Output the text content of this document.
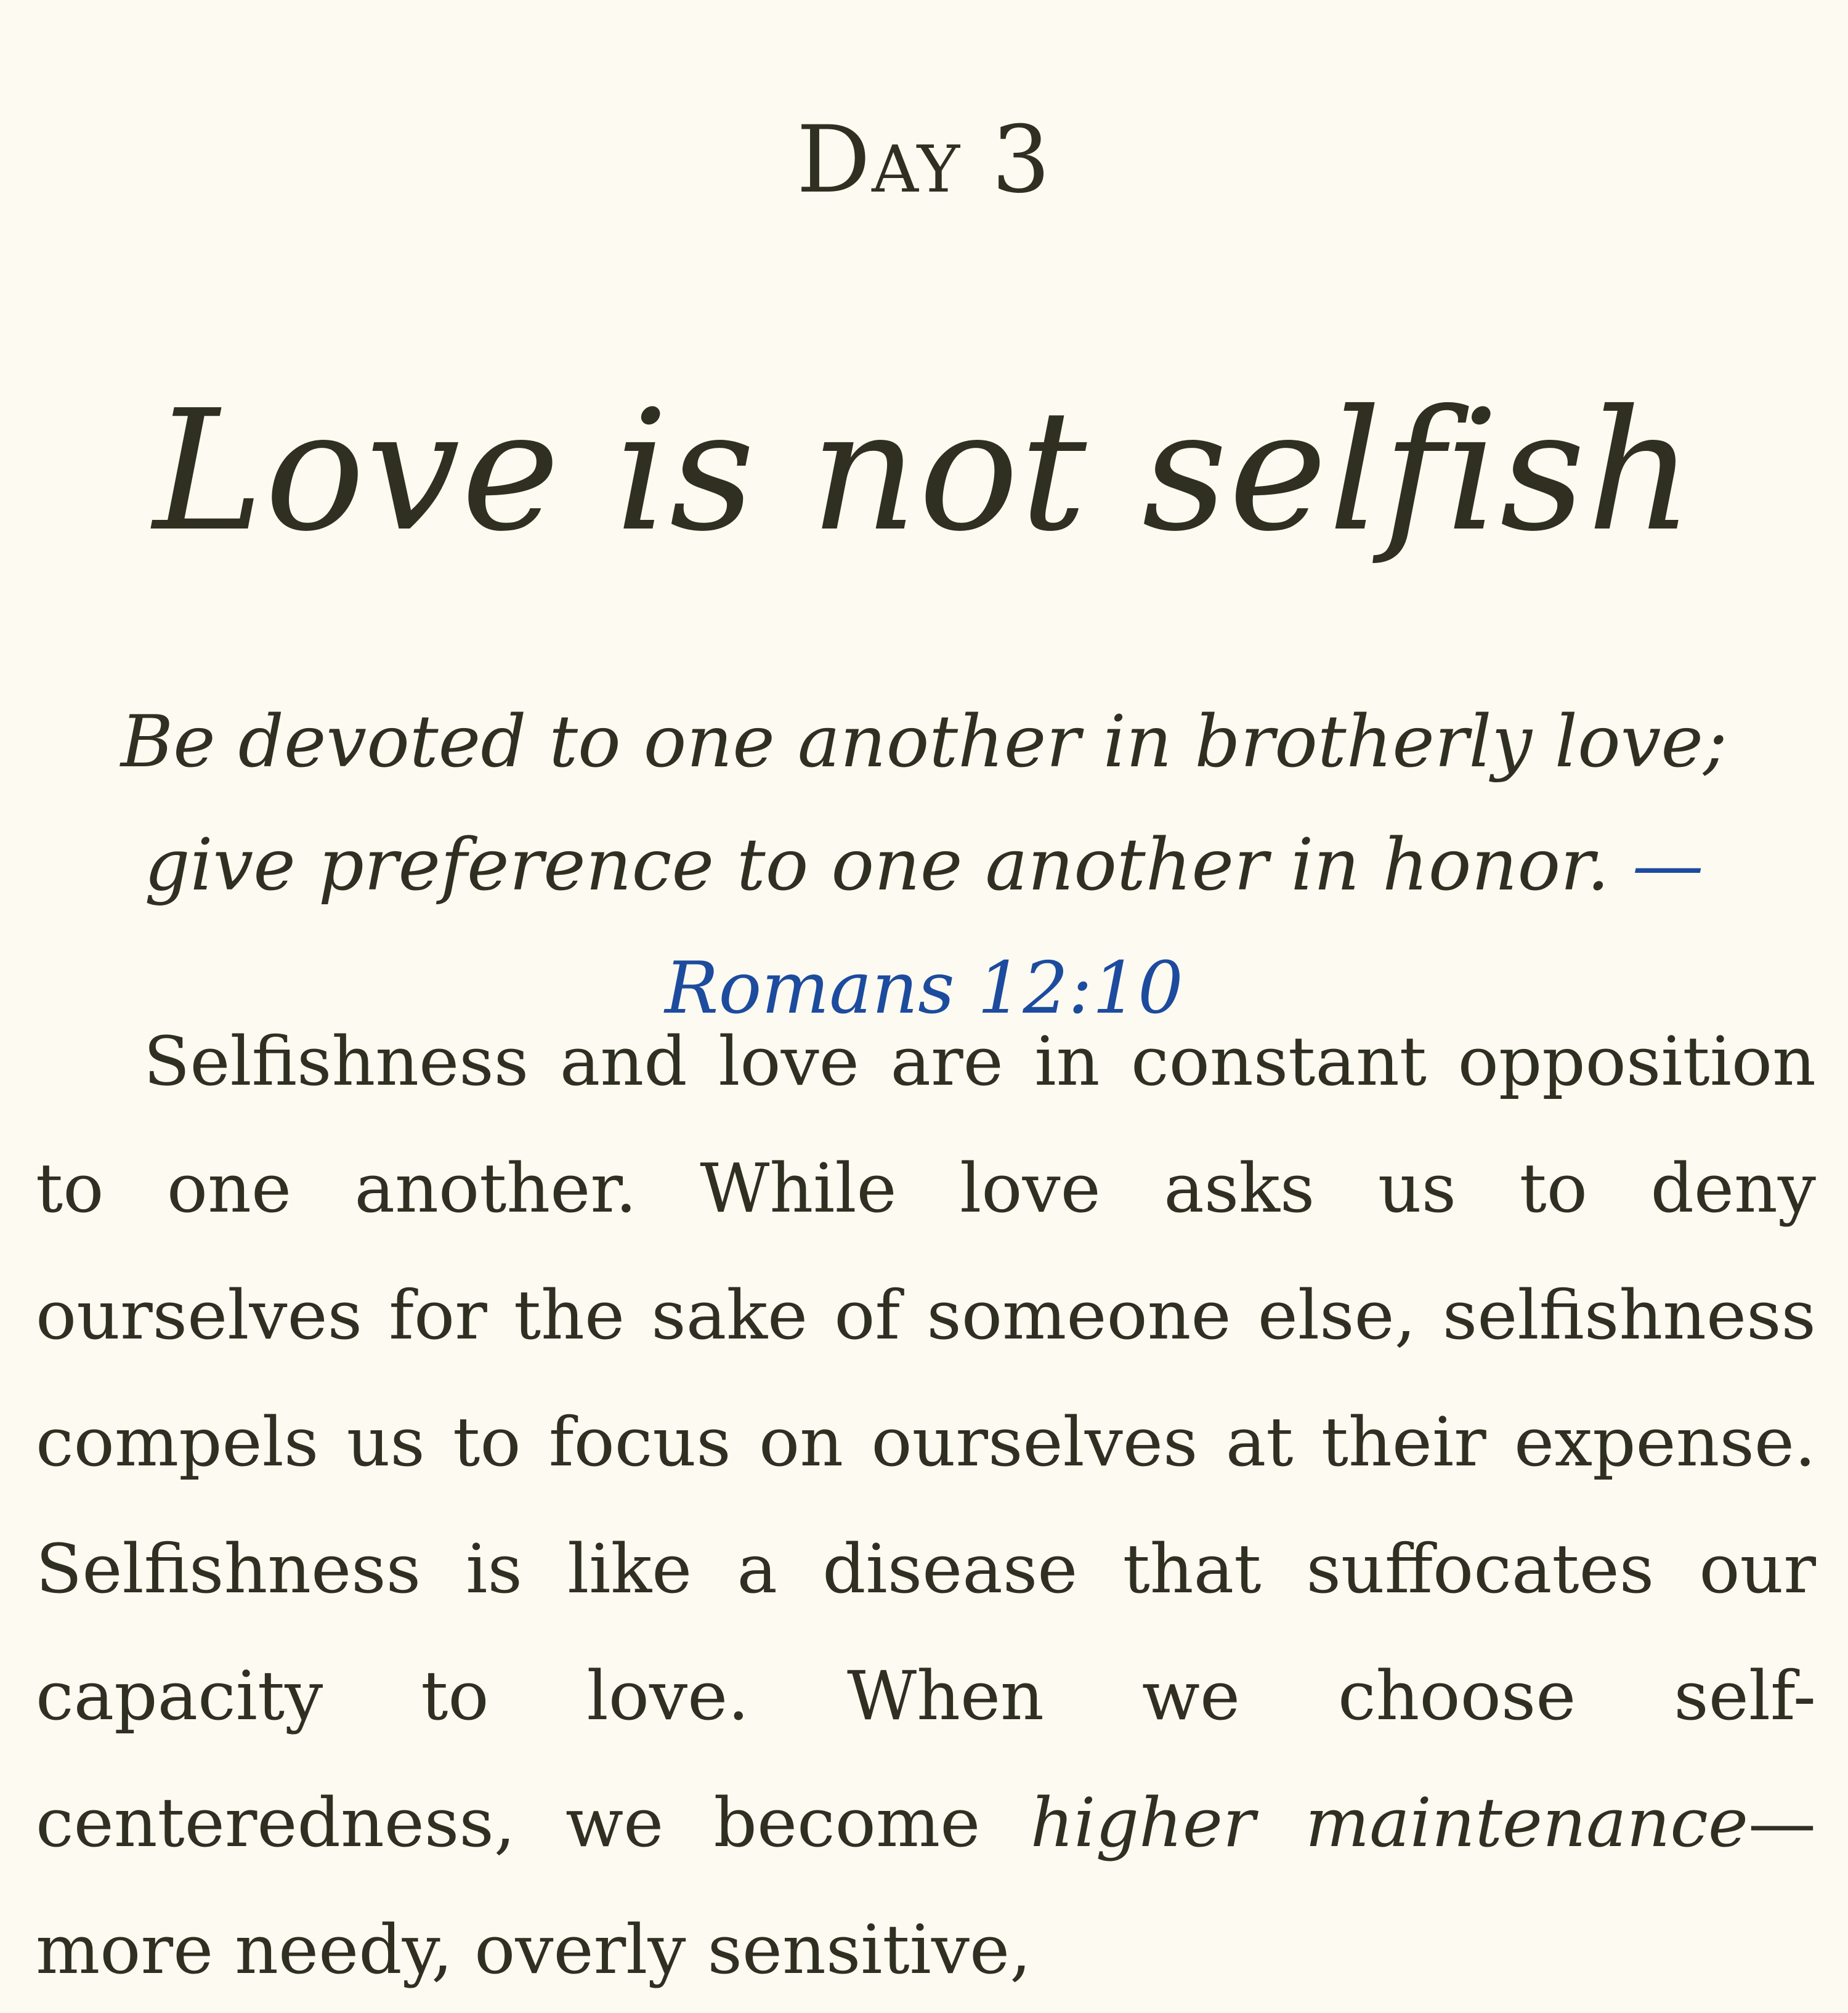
Day 3
Love is not selfish
Be devoted to one another in brotherly love; give preference to one another in honor. —Romans 12:10
Selfishness and love are in constant opposition to one another. While love asks us to deny ourselves for the sake of someone else, selfishness compels us to focus on ourselves at their expense. Selfishness is like a disease that suffocates our capacity to love. When we choose self-centeredness, we become higher maintenance—more needy, overly sensitive,
